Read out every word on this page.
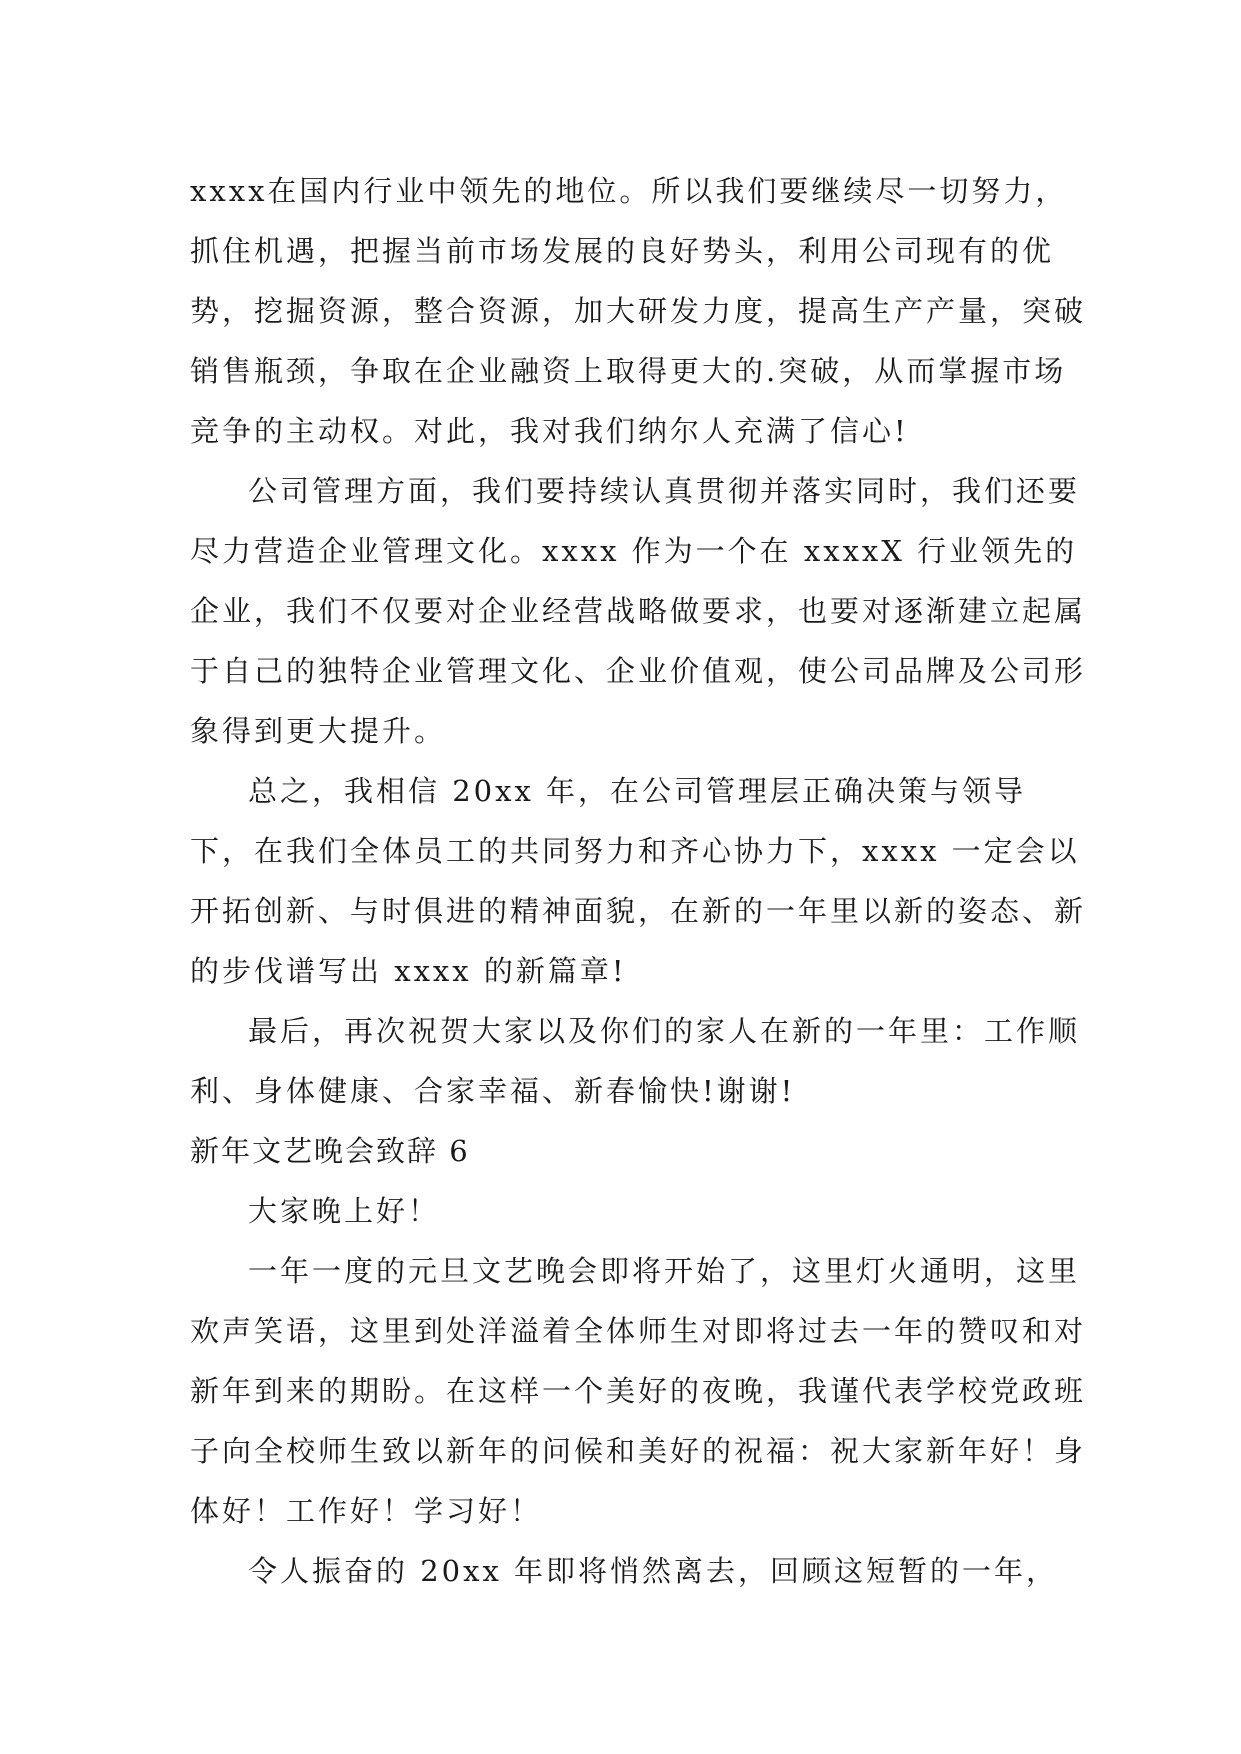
xxxx在国内行业中领先的地位。所以我们要继续尽一切努力，抓住机遇，把握当前市场发展的良好势头，利用公司现有的优势，挖掘资源，整合资源，加大研发力度，提高生产产量，突破销售瓶颈，争取在企业融资上取得更大的.突破，从而掌握市场竞争的主动权。对此，我对我们纳尔人充满了信心!

公司管理方面，我们要持续认真贯彻并落实同时，我们还要尽力营造企业管理文化。xxxx 作为一个在 xxxxX 行业领先的企业，我们不仅要对企业经营战略做要求，也要对逐渐建立起属于自己的独特企业管理文化、企业价值观，使公司品牌及公司形象得到更大提升。

总之，我相信 20xx 年，在公司管理层正确决策与领导下，在我们全体员工的共同努力和齐心协力下，xxxx 一定会以开拓创新、与时俱进的精神面貌，在新的一年里以新的姿态、新的步伐谱写出 xxxx 的新篇章!

最后，再次祝贺大家以及你们的家人在新的一年里：工作顺利、身体健康、合家幸福、新春愉快!谢谢!

新年文艺晚会致辞 6

大家晚上好！

一年一度的元旦文艺晚会即将开始了，这里灯火通明，这里欢声笑语，这里到处洋溢着全体师生对即将过去一年的赞叹和对新年到来的期盼。在这样一个美好的夜晚，我谨代表学校党政班子向全校师生致以新年的问候和美好的祝福：祝大家新年好！身体好！工作好！学习好！

令人振奋的 20xx 年即将悄然离去，回顾这短暂的一年，
